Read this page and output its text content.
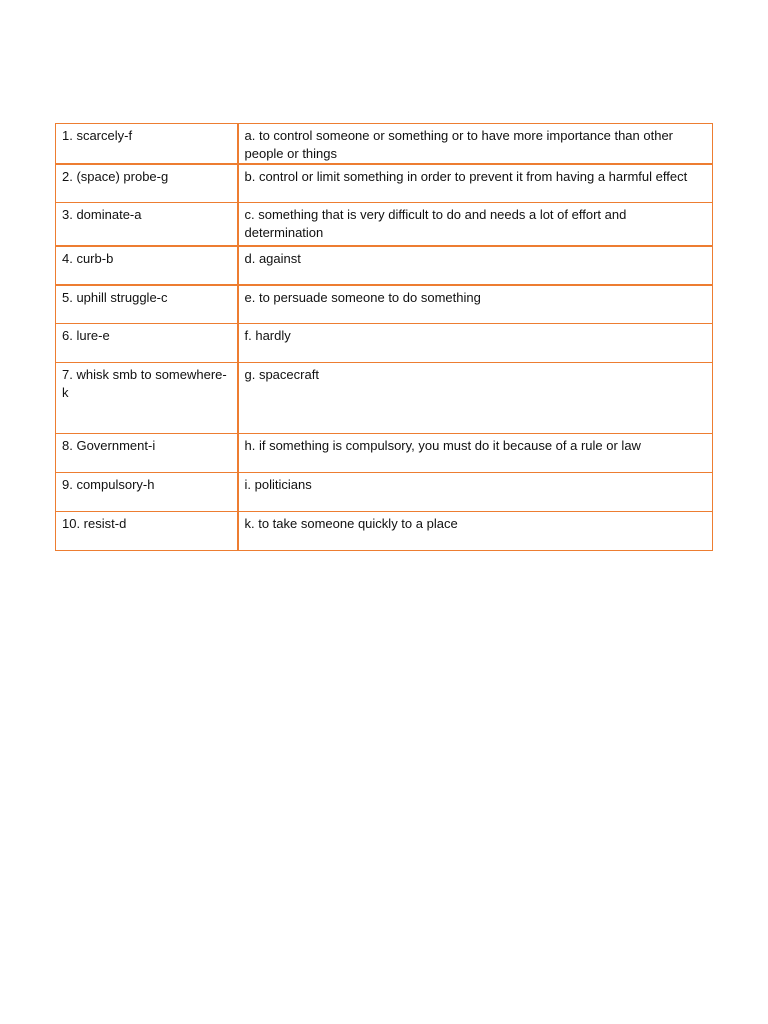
1. scarcely-f	a. to control someone or something or to have more importance than other people or things
2. (space) probe-g	b. control or limit something in order to prevent it from having a harmful effect
3. dominate-a	c. something that is very difficult to do and needs a lot of effort and determination
4. curb-b	d. against
5. uphill struggle-c	e. to persuade someone to do something
6. lure-e	f. hardly
7. whisk smb to somewhere-k	g. spacecraft
8. Government-i	h. if something is compulsory, you must do it because of a rule or law
9. compulsory-h	i. politicians
10. resist-d	k. to take someone quickly to a place
